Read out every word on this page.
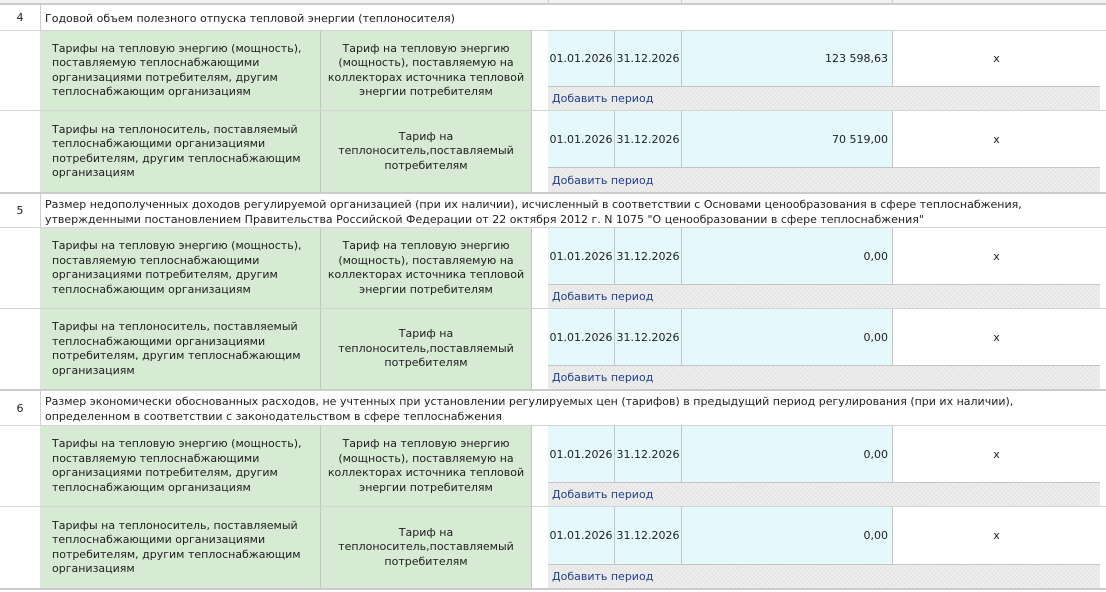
4	Годовой объем полезного отпуска тепловой энергии (теплоносителя)
Тарифы на тепловую энергию (мощность), поставляемую теплоснабжающими организациями потребителям, другим теплоснабжающим организациям
Тариф на тепловую энергию (мощность), поставляемую на коллекторах источника тепловой энергии потребителям
01.01.2026 31.12.2026	123 598,63	x
Добавить период
Тарифы на теплоноситель, поставляемый теплоснабжающими организациями потребителям, другим теплоснабжающим организациям
Тариф на теплоноситель,поставляемый потребителям
01.01.2026 31.12.2026	70 519,00	x
Добавить период
5	Размер недополученных доходов регулируемой организацией (при их наличии), исчисленный в соответствии с Основами ценообразования в сфере теплоснабжения, утвержденными постановлением Правительства Российской Федерации от 22 октября 2012 г. N 1075 "О ценообразовании в сфере теплоснабжения"
Тарифы на тепловую энергию (мощность), поставляемую теплоснабжающими организациями потребителям, другим теплоснабжающим организациям
Тариф на тепловую энергию (мощность), поставляемую на коллекторах источника тепловой энергии потребителям
01.01.2026 31.12.2026	0,00	x
Добавить период
Тарифы на теплоноситель, поставляемый теплоснабжающими организациями потребителям, другим теплоснабжающим организациям
Тариф на теплоноситель,поставляемый потребителям
01.01.2026 31.12.2026	0,00	x
Добавить период
6	Размер экономически обоснованных расходов, не учтенных при установлении регулируемых цен (тарифов) в предыдущий период регулирования (при их наличии), определенном в соответствии с законодательством в сфере теплоснабжения
Тарифы на тепловую энергию (мощность), поставляемую теплоснабжающими организациями потребителям, другим теплоснабжающим организациям
Тариф на тепловую энергию (мощность), поставляемую на коллекторах источника тепловой энергии потребителям
01.01.2026 31.12.2026	0,00	x
Добавить период
Тарифы на теплоноситель, поставляемый теплоснабжающими организациями потребителям, другим теплоснабжающим организациям
Тариф на теплоноситель,поставляемый потребителям
01.01.2026 31.12.2026	0,00	x
Добавить период
